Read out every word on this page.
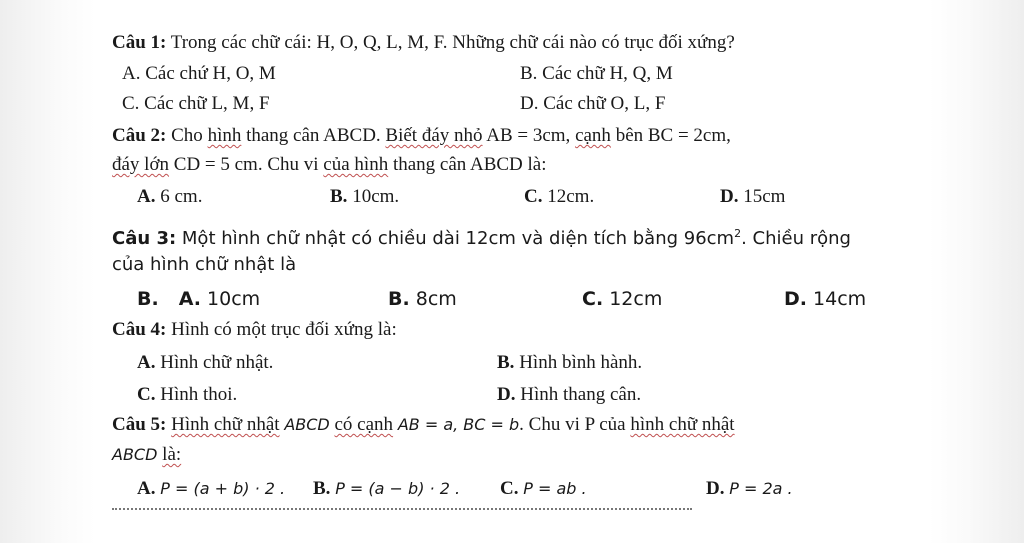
Câu 1: Trong các chữ cái: H, O, Q, L, M, F. Những chữ cái nào có trục đối xứng?
A. Các chứ H, O, M	B. Các chữ H, Q, M
C. Các chữ L, M, F	D. Các chữ O, L, F
Câu 2: Cho hình thang cân ABCD. Biết đáy nhỏ AB = 3cm, cạnh bên BC = 2cm,
đáy lớn CD = 5 cm. Chu vi của hình thang cân ABCD là:
A. 6 cm.	B. 10cm.	C. 12cm.	D. 15cm
Câu 3: Một hình chữ nhật có chiều dài 12cm và diện tích bằng $96cm^2$. Chiều rộng
của hình chữ nhật là
B. A. 10cm	B. 8cm	C. 12cm	D. 14cm
Câu 4: Hình có một trục đối xứng là:
A. Hình chữ nhật.	B. Hình bình hành.
C. Hình thoi.	D. Hình thang cân.
Câu 5: Hình chữ nhật ABCD có cạnh AB = a, BC = b. Chu vi P của hình chữ nhật
ABCD là:
A. P = (a + b) · 2 . B. P = (a − b) · 2 . C. P = ab .	D. P = 2a .
